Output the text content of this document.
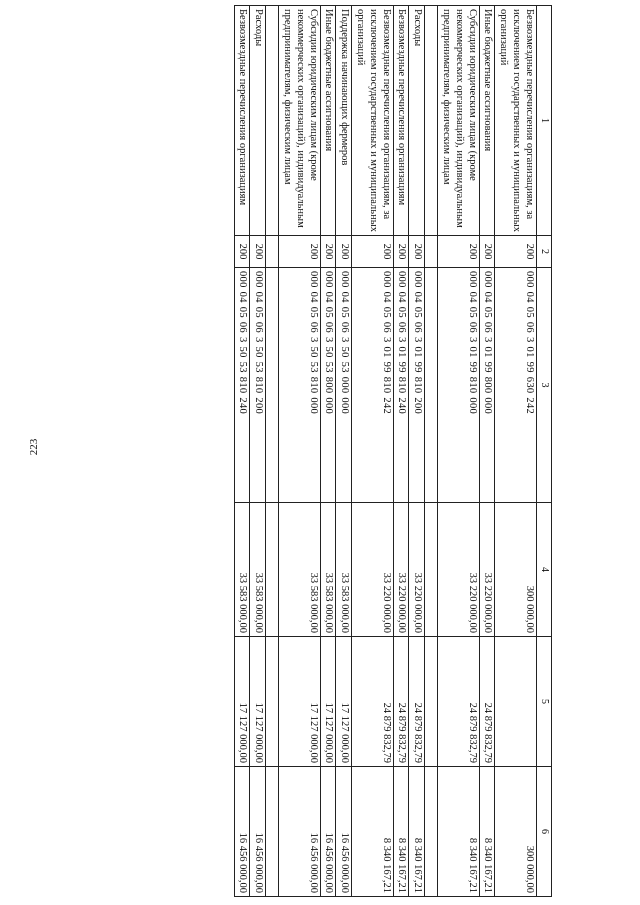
223
1	2	3	4	5	6
Безвозмездные перечисления организациям, за исключением государственных и муниципальных организаций	200	00004050630199630242	300 000,00		300 000,00
Иные бюджетные ассигнования	200	00004050630199800000	33 220 000,00	24 879 832,79	8 340 167,21
Субсидии юридическим лицам (кроме некоммерческих организаций), индивидуальным предпринимателям, физическим лицам	200	00004050630199810000	33 220 000,00	24 879 832,79	8 340 167,21

Расходы	200	00004050630199810200	33 220 000,00	24 879 832,79	8 340 167,21
Безвозмездные перечисления организациям	200	00004050630199810240	33 220 000,00	24 879 832,79	8 340 167,21
Безвозмездные перечисления организациям, за исключением государственных и муниципальных организаций	200	00004050630199810242	33 220 000,00	24 879 832,79	8 340 167,21
Поддержка начинающих фермеров	200	00004050635053000000	33 583 000,00	17 127 000,00	16 456 000,00
Иные бюджетные ассигнования	200	00004050635053800000	33 583 000,00	17 127 000,00	16 456 000,00
Субсидии юридическим лицам (кроме некоммерческих организаций), индивидуальным предпринимателям, физическим лицам	200	00004050635053810000	33 583 000,00	17 127 000,00	16 456 000,00

Расходы	200	00004050635053810200	33 583 000,00	17 127 000,00	16 456 000,00
Безвозмездные перечисления организациям	200	00004050635053810240	33 583 000,00	17 127 000,00	16 456 000,00
